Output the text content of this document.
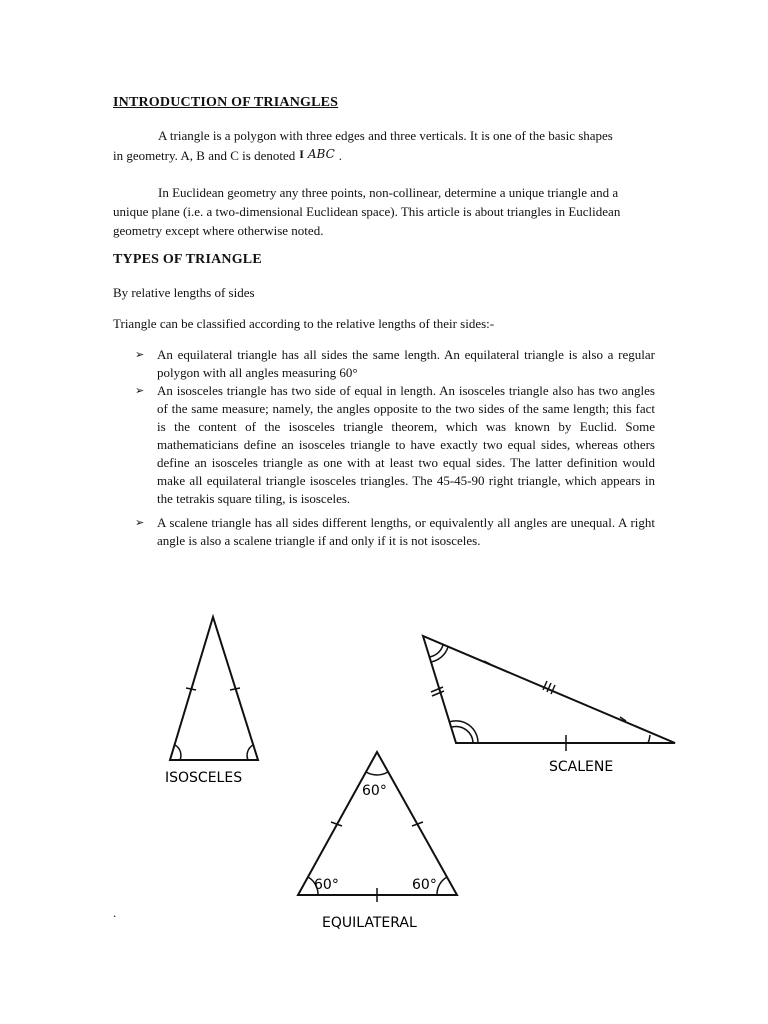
INTRODUCTION OF TRIANGLES

A triangle is a polygon with three edges and three verticals. It is one of the basic shapes
in geometry. A, B and C is denoted I ABC .

In Euclidean geometry any three points, non-collinear, determine a unique triangle and a unique plane (i.e. a two-dimensional Euclidean space). This article is about triangles in Euclidean geometry except where otherwise noted.

TYPES OF TRIANGLE
By relative lengths of sides
Triangle can be classified according to the relative lengths of their sides:-
➢ An equilateral triangle has all sides the same length. An equilateral triangle is also a regular polygon with all angles measuring 60°
➢ An isosceles triangle has two side of equal in length. An isosceles triangle also has two angles of the same measure; namely, the angles opposite to the two sides of the same length; this fact is the content of the isosceles triangle theorem, which was known by Euclid. Some mathematicians define an isosceles triangle to have exactly two equal sides, whereas others define an isosceles triangle as one with at least two equal sides. The latter definition would make all equilateral triangle isosceles triangles. The 45-45-90 right triangle, which appears in the tetrakis square tiling, is isosceles.
➢ A scalene triangle has all sides different lengths, or equivalently all angles are unequal. A right angle is also a scalene triangle if and only if it is not isosceles.
ISOSCELES
SCALENE
EQUILATERAL
60°
60°	60°
.
